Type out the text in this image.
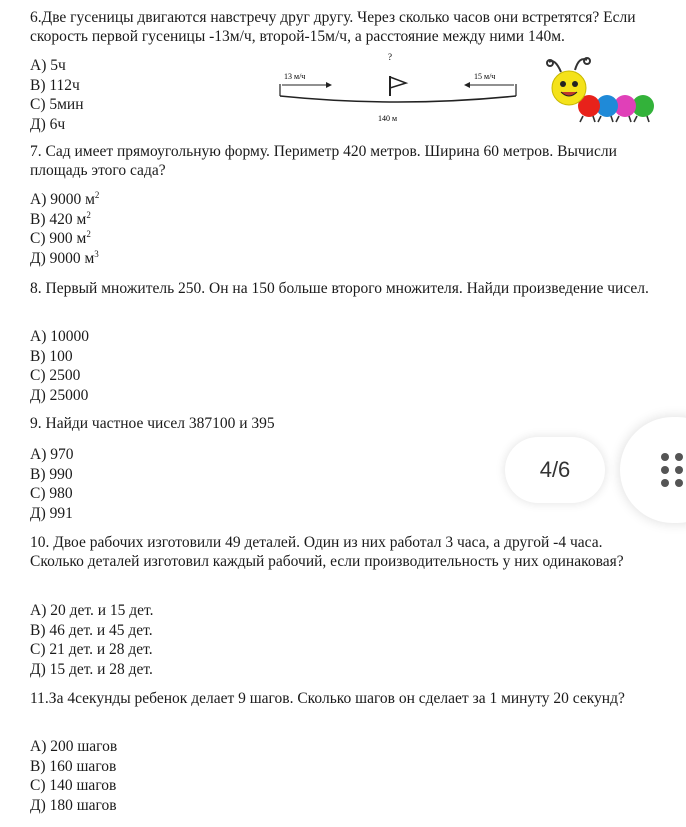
6.Две гусеницы двигаются навстречу друг другу. Через сколько часов они встретятся? Если скорость первой гусеницы -13м/ч, второй-15м/ч, а расстояние между ними 140м.
А) 5ч
В) 112ч
С) 5мин
Д) 6ч
?
13 м/ч	15 м/ч
140 м
7. Сад имеет прямоугольную форму. Периметр 420 метров. Ширина 60 метров. Вычисли площадь этого сада?
А) 9000 $м^2$
В) 420 $м^2$
С) 900 $м^2$
Д) 9000 $м^3$
8. Первый множитель 250. Он на 150 больше второго множителя. Найди произведение чисел.
А) 10000
В) 100
С) 2500
Д) 25000
9. Найди частное чисел 387100 и 395
А) 970
В) 990
С) 980
Д) 991
10. Двое рабочих изготовили 49 деталей. Один из них работал 3 часа, а другой -4 часа. Сколько деталей изготовил каждый рабочий, если производительность у них одинаковая?
А) 20 дет. и 15 дет.
В) 46 дет. и 45 дет.
С) 21 дет. и 28 дет.
Д) 15 дет. и 28 дет.
11.За 4секунды ребенок делает 9 шагов. Сколько шагов он сделает за 1 минуту 20 секунд?
А) 200 шагов
В) 160 шагов
С) 140 шагов
Д) 180 шагов
4/6
